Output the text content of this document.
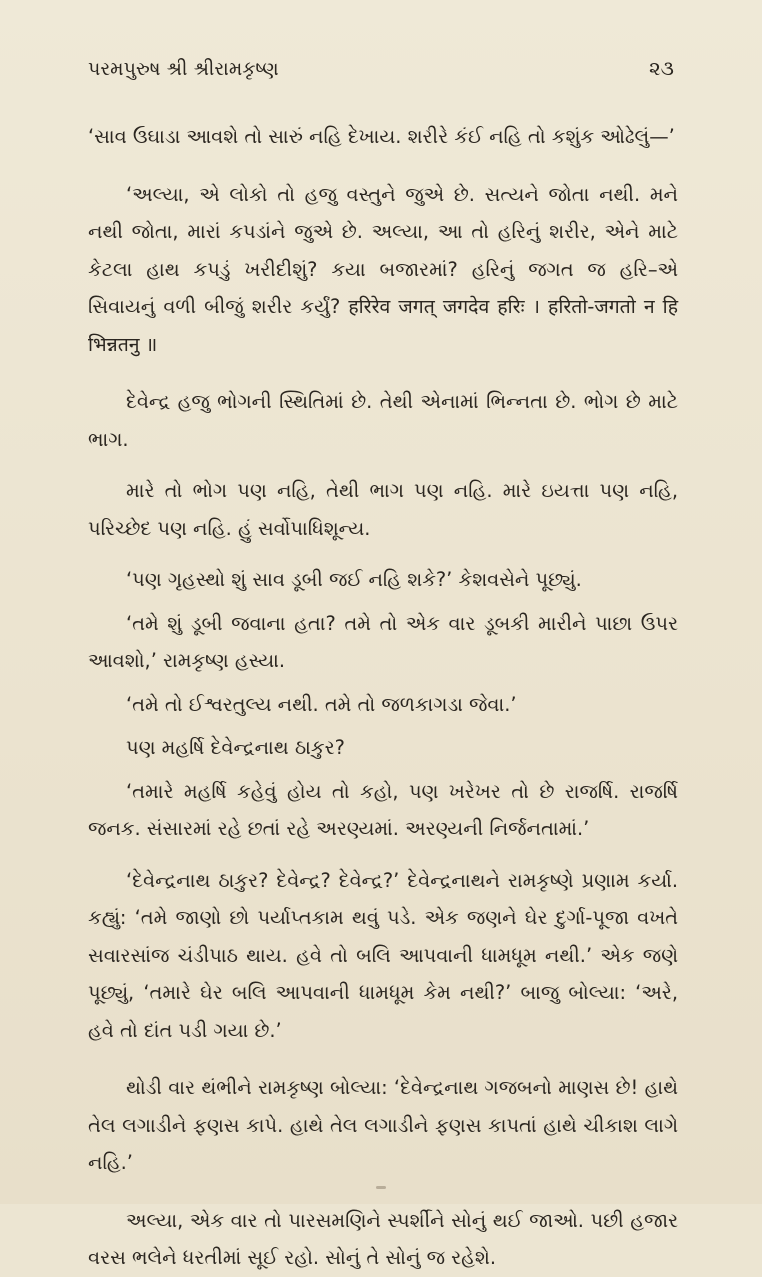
પરમપુરુષ શ્રી શ્રીરામકૃષ્ણ	૨૩

‘સાવ ઉઘાડા આવશે તો સારું નહિ દેખાય. શરીરે કંઈ નહિ તો કશુંક ઓઢેલું—’

‘અલ્યા, એ લોકો તો હજુ વસ્તુને જુએ છે. સત્યને જોતા નથી. મને નથી જોતા, મારાં કપડાંને જુએ છે. અલ્યા, આ તો હરિનું શરીર, એને માટે કેટલા હાથ કપડું ખરીદીશું? કયા બજારમાં? હરિનું જગત જ હરિ–એ સિવાયનું વળી બીજું શરીર કર્યું? हरिरेव जगत् जगदेव हरिः । हरितो-जगतो न हि भिन्नतनु ॥

દેવેન્દ્ર હજુ ભોગની સ્થિતિમાં છે. તેથી એનામાં ભિન્નતા છે. ભોગ છે માટે ભાગ.

મારે તો ભોગ પણ નહિ, તેથી ભાગ પણ નહિ. મારે ઇયત્તા પણ નહિ, પરિચ્છેદ પણ નહિ. હું સર્વોપાધિશૂન્ય.

‘પણ ગૃહસ્થો શું સાવ ડૂબી જઈ નહિ શકે?’ કેશવસેને પૂછ્યું.

‘તમે શું ડૂબી જવાના હતા? તમે તો એક વાર ડૂબકી મારીને પાછા ઉપર આવશો,’ રામકૃષ્ણ હસ્યા.

‘તમે તો ઈશ્વરતુલ્ય નથી. તમે તો જળકાગડા જેવા.’

પણ મહર્ષિ દેવેન્દ્રનાથ ઠાકુર?

‘તમારે મહર્ષિ કહેવું હોય તો કહો, પણ ખરેખર તો છે રાજર્ષિ. રાજર્ષિ જનક. સંસારમાં રહે છતાં રહે અરણ્યમાં. અરણ્યની નિર્જનતામાં.’

‘દેવેન્દ્રનાથ ઠાકુર? દેવેન્દ્ર? દેવેન્દ્ર?’ દેવેન્દ્રનાથને રામકૃષ્ણે પ્રણામ કર્યા. કહ્યું: ‘તમે જાણો છો પર્યાપ્તકામ થવું પડે. એક જણને ઘેર દુર્ગા-પૂજા વખતે સવારસાંજ ચંડીપાઠ થાય. હવે તો બલિ આપવાની ધામધૂમ નથી.’ એક જણે પૂછ્યું, ‘તમારે ઘેર બલિ આપવાની ધામધૂમ કેમ નથી?’ બાજુ બોલ્યા: ‘અરે, હવે તો દાંત પડી ગયા છે.’

થોડી વાર થંભીને રામકૃષ્ણ બોલ્યા: ‘દેવેન્દ્રનાથ ગજબનો માણસ છે! હાથે તેલ લગાડીને ફણસ કાપે. હાથે તેલ લગાડીને ફણસ કાપતાં હાથે ચીકાશ લાગે નહિ.’

અલ્યા, એક વાર તો પારસમણિને સ્પર્શીને સોનું થઈ જાઓ. પછી હજાર વરસ ભલેને ધરતીમાં સૂઈ રહો. સોનું તે સોનું જ રહેશે.
